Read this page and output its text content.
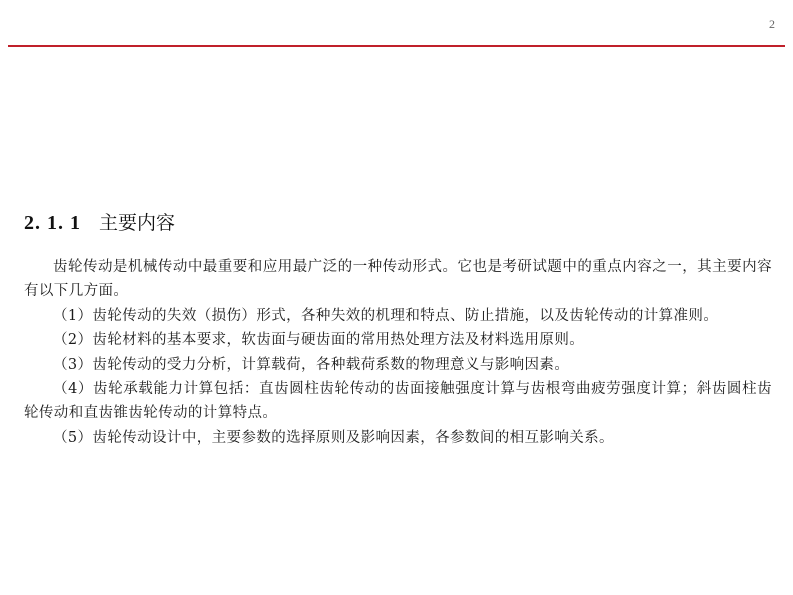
2
2. 1. 1 主要内容

齿轮传动是机械传动中最重要和应用最广泛的一种传动形式。它也是考研试题中的重点内容之一，其主要内容有以下几方面。

（1）齿轮传动的失效（损伤）形式，各种失效的机理和特点、防止措施，以及齿轮传动的计算准则。

（2）齿轮材料的基本要求，软齿面与硬齿面的常用热处理方法及材料选用原则。

（3）齿轮传动的受力分析，计算载荷，各种载荷系数的物理意义与影响因素。

（4）齿轮承载能力计算包括：直齿圆柱齿轮传动的齿面接触强度计算与齿根弯曲疲劳强度计算；斜齿圆柱齿轮传动和直齿锥齿轮传动的计算特点。

（5）齿轮传动设计中，主要参数的选择原则及影响因素，各参数间的相互影响关系。
